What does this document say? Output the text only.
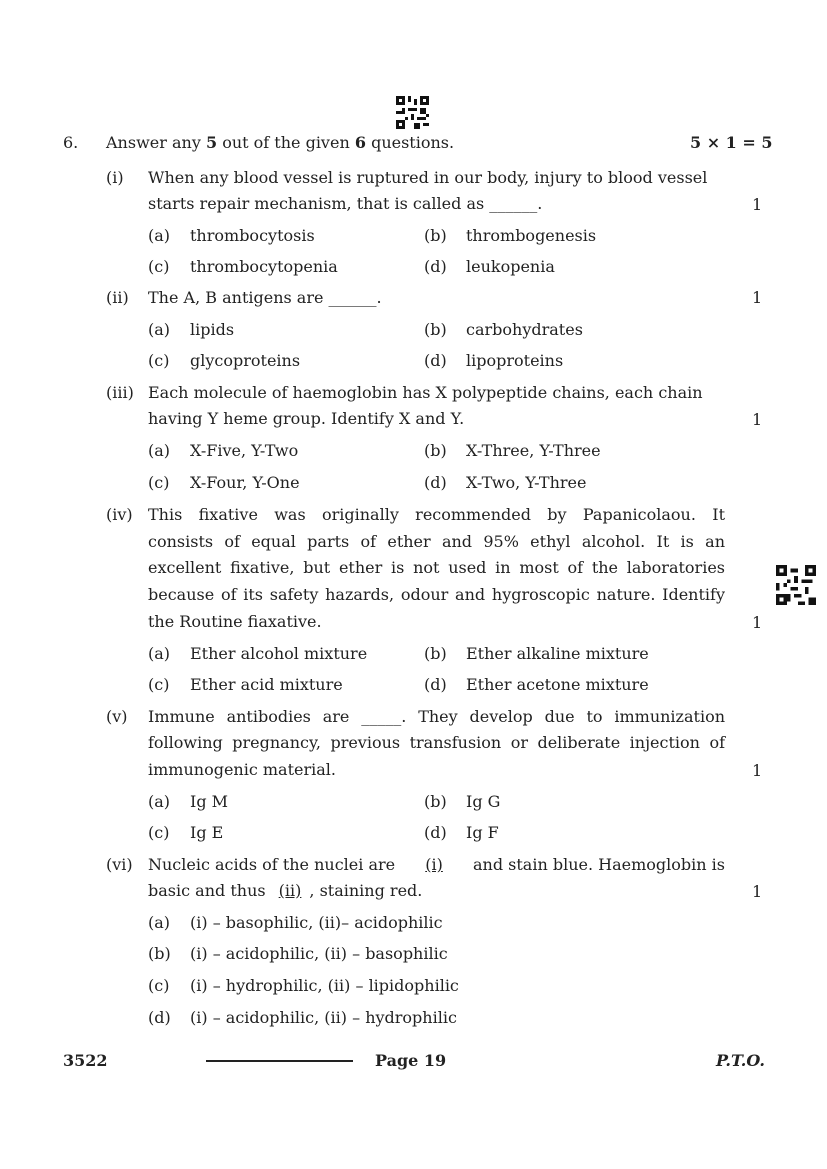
6. Answer any 5 out of the given 6 questions.	5 × 1 = 5
(i) When any blood vessel is ruptured in our body, injury to blood vessel
starts repair mechanism, that is called as ______.	1
(a) thrombocytosis	(b) thrombogenesis
(c) thrombocytopenia	(d) leukopenia
(ii) The A, B antigens are ______.	1
(a) lipids	(b) carbohydrates
(c) glycoproteins	(d) lipoproteins
(iii) Each molecule of haemoglobin has X polypeptide chains, each chain
having Y heme group. Identify X and Y.	1
(a) X-Five, Y-Two	(b) X-Three, Y-Three
(c) X-Four, Y-One	(d) X-Two, Y-Three
(iv) This fixative was originally recommended by Papanicolaou. It
consists of equal parts of ether and 95% ethyl alcohol. It is an
excellent fixative, but ether is not used in most of the laboratories
because of its safety hazards, odour and hygroscopic nature. Identify
the Routine fiaxative.	1
(a) Ether alcohol mixture	(b) Ether alkaline mixture
(c) Ether acid mixture	(d) Ether acetone mixture
(v) Immune antibodies are _____. They develop due to immunization
following pregnancy, previous transfusion or deliberate injection of
immunogenic material.	1
(a) Ig M	(b) Ig G
(c) Ig E	(d) Ig F
(vi) Nucleic acids of the nuclei are	(i)	and stain blue. Haemoglobin is
basic and thus (ii) , staining red.	1
(a) (i) – basophilic, (ii)– acidophilic
(b) (i) – acidophilic, (ii) – basophilic
(c) (i) – hydrophilic, (ii) – lipidophilic
(d) (i) – acidophilic, (ii) – hydrophilic
3522	Page 19	P.T.O.
